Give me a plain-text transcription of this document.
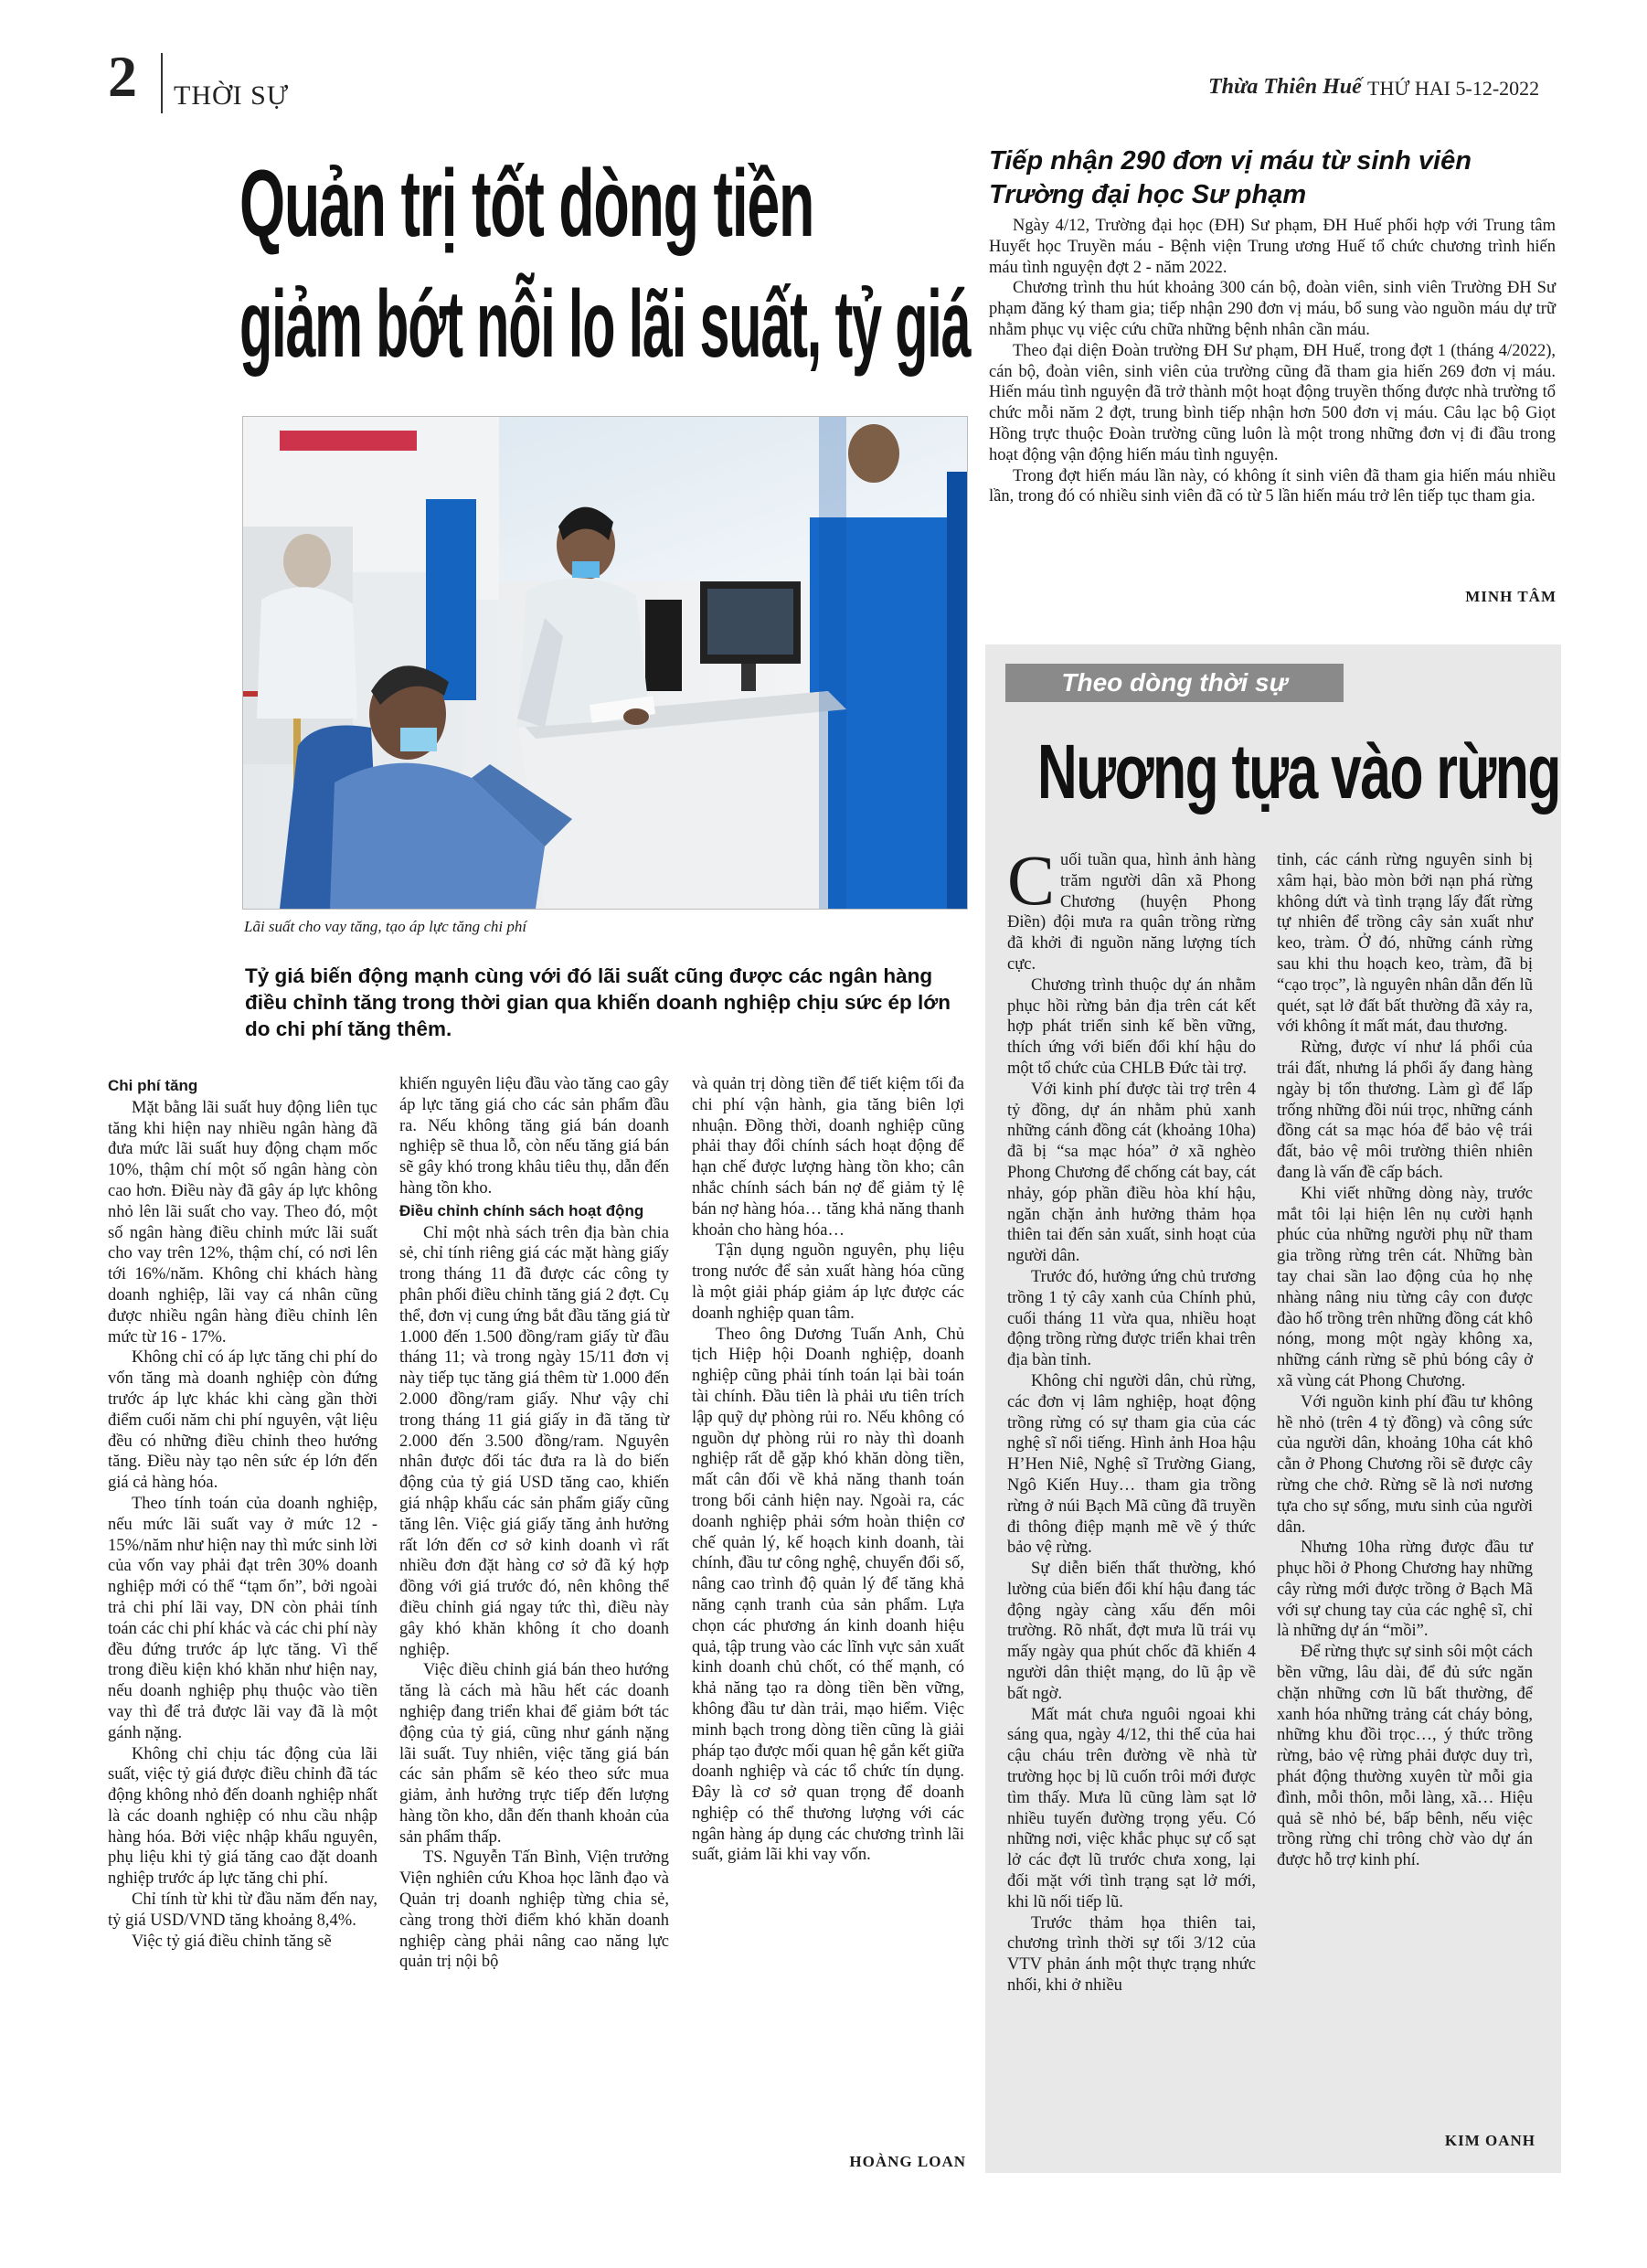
2 THỜI SỰ	Thừa Thiên Huế THỨ HAI 5-12-2022
Quản trị tốt dòng tiền
giảm bớt nỗi lo lãi suất, tỷ giá
Lãi suất cho vay tăng, tạo áp lực tăng chi phí
Tỷ giá biến động mạnh cùng với đó lãi suất cũng được các ngân hàng điều chỉnh tăng trong thời gian qua khiến doanh nghiệp chịu sức ép lớn do chi phí tăng thêm.
Chi phí tăng

Mặt bằng lãi suất huy động liên tục tăng khi hiện nay nhiều ngân hàng đã đưa mức lãi suất huy động chạm mốc 10%, thậm chí một số ngân hàng còn cao hơn. Điều này đã gây áp lực không nhỏ lên lãi suất cho vay. Theo đó, một số ngân hàng điều chỉnh mức lãi suất cho vay trên 12%, thậm chí, có nơi lên tới 16%/năm. Không chỉ khách hàng doanh nghiệp, lãi vay cá nhân cũng được nhiều ngân hàng điều chỉnh lên mức từ 16 - 17%.

Không chỉ có áp lực tăng chi phí do vốn tăng mà doanh nghiệp còn đứng trước áp lực khác khi càng gần thời điểm cuối năm chi phí nguyên, vật liệu đều có những điều chỉnh theo hướng tăng. Điều này tạo nên sức ép lớn đến giá cả hàng hóa.

Theo tính toán của doanh nghiệp, nếu mức lãi suất vay ở mức 12 - 15%/năm như hiện nay thì mức sinh lời của vốn vay phải đạt trên 30% doanh nghiệp mới có thể “tạm ổn”, bởi ngoài trả chi phí lãi vay, DN còn phải tính toán các chi phí khác và các chi phí này đều đứng trước áp lực tăng. Vì thế trong điều kiện khó khăn như hiện nay, nếu doanh nghiệp phụ thuộc vào tiền vay thì để trả được lãi vay đã là một gánh nặng.

Không chỉ chịu tác động của lãi suất, việc tỷ giá được điều chỉnh đã tác động không nhỏ đến doanh nghiệp nhất là các doanh nghiệp có nhu cầu nhập hàng hóa. Bởi việc nhập khẩu nguyên, phụ liệu khi tỷ giá tăng cao đặt doanh nghiệp trước áp lực tăng chi phí.

Chỉ tính từ khi từ đầu năm đến nay, tỷ giá USD/VND tăng khoảng 8,4%.

Việc tỷ giá điều chỉnh tăng sẽ

khiến nguyên liệu đầu vào tăng cao gây áp lực tăng giá cho các sản phẩm đầu ra. Nếu không tăng giá bán doanh nghiệp sẽ thua lỗ, còn nếu tăng giá bán sẽ gây khó trong khâu tiêu thụ, dẫn đến hàng tồn kho.

Điều chỉnh chính sách hoạt động

Chỉ một nhà sách trên địa bàn chia sẻ, chỉ tính riêng giá các mặt hàng giấy trong tháng 11 đã được các công ty phân phối điều chỉnh tăng giá 2 đợt. Cụ thể, đơn vị cung ứng bắt đầu tăng giá từ 1.000 đến 1.500 đồng/ram giấy từ đầu tháng 11; và trong ngày 15/11 đơn vị này tiếp tục tăng giá thêm từ 1.000 đến 2.000 đồng/ram giấy. Như vậy chỉ trong tháng 11 giá giấy in đã tăng từ 2.000 đến 3.500 đồng/ram. Nguyên nhân được đối tác đưa ra là do biến động của tỷ giá USD tăng cao, khiến giá nhập khẩu các sản phẩm giấy cũng tăng lên. Việc giá giấy tăng ảnh hưởng rất lớn đến cơ sở kinh doanh vì rất nhiều đơn đặt hàng cơ sở đã ký hợp đồng với giá trước đó, nên không thể điều chỉnh giá ngay tức thì, điều này gây khó khăn không ít cho doanh nghiệp.

Việc điều chỉnh giá bán theo hướng tăng là cách mà hầu hết các doanh nghiệp đang triển khai để giảm bớt tác động của tỷ giá, cũng như gánh nặng lãi suất. Tuy nhiên, việc tăng giá bán các sản phẩm sẽ kéo theo sức mua giảm, ảnh hưởng trực tiếp đến lượng hàng tồn kho, dẫn đến thanh khoản của sản phẩm thấp.

TS. Nguyễn Tấn Bình, Viện trưởng Viện nghiên cứu Khoa học lãnh đạo và Quản trị doanh nghiệp từng chia sẻ, càng trong thời điểm khó khăn doanh nghiệp càng phải nâng cao năng lực quản trị nội bộ

và quản trị dòng tiền để tiết kiệm tối đa chi phí vận hành, gia tăng biên lợi nhuận. Đồng thời, doanh nghiệp cũng phải thay đổi chính sách hoạt động để hạn chế được lượng hàng tồn kho; cân nhắc chính sách bán nợ để giảm tỷ lệ bán nợ hàng hóa… tăng khả năng thanh khoản cho hàng hóa…

Tận dụng nguồn nguyên, phụ liệu trong nước để sản xuất hàng hóa cũng là một giải pháp giảm áp lực được các doanh nghiệp quan tâm.

Theo ông Dương Tuấn Anh, Chủ tịch Hiệp hội Doanh nghiệp, doanh nghiệp cũng phải tính toán lại bài toán tài chính. Đầu tiên là phải ưu tiên trích lập quỹ dự phòng rủi ro. Nếu không có nguồn dự phòng rủi ro này thì doanh nghiệp rất dễ gặp khó khăn dòng tiền, mất cân đối về khả năng thanh toán trong bối cảnh hiện nay. Ngoài ra, các doanh nghiệp phải sớm hoàn thiện cơ chế quản lý, kế hoạch kinh doanh, tài chính, đầu tư công nghệ, chuyển đổi số, nâng cao trình độ quản lý để tăng khả năng cạnh tranh của sản phẩm. Lựa chọn các phương án kinh doanh hiệu quả, tập trung vào các lĩnh vực sản xuất kinh doanh chủ chốt, có thế mạnh, có khả năng tạo ra dòng tiền bền vững, không đầu tư dàn trải, mạo hiểm. Việc minh bạch trong dòng tiền cũng là giải pháp tạo được mối quan hệ gắn kết giữa doanh nghiệp và các tổ chức tín dụng. Đây là cơ sở quan trọng để doanh nghiệp có thể thương lượng với các ngân hàng áp dụng các chương trình lãi suất, giảm lãi khi vay vốn.

HOÀNG LOAN
Tiếp nhận 290 đơn vị máu từ sinh viên
Trường đại học Sư phạm

Ngày 4/12, Trường đại học (ĐH) Sư phạm, ĐH Huế phối hợp với Trung tâm Huyết học Truyền máu - Bệnh viện Trung ương Huế tổ chức chương trình hiến máu tình nguyện đợt 2 - năm 2022.

Chương trình thu hút khoảng 300 cán bộ, đoàn viên, sinh viên Trường ĐH Sư phạm đăng ký tham gia; tiếp nhận 290 đơn vị máu, bổ sung vào nguồn máu dự trữ nhằm phục vụ việc cứu chữa những bệnh nhân cần máu.

Theo đại diện Đoàn trường ĐH Sư phạm, ĐH Huế, trong đợt 1 (tháng 4/2022), cán bộ, đoàn viên, sinh viên của trường cũng đã tham gia hiến 269 đơn vị máu. Hiến máu tình nguyện đã trở thành một hoạt động truyền thống được nhà trường tổ chức mỗi năm 2 đợt, trung bình tiếp nhận hơn 500 đơn vị máu. Câu lạc bộ Giọt Hồng trực thuộc Đoàn trường cũng luôn là một trong những đơn vị đi đầu trong hoạt động vận động hiến máu tình nguyện.

Trong đợt hiến máu lần này, có không ít sinh viên đã tham gia hiến máu nhiều lần, trong đó có nhiều sinh viên đã có từ 5 lần hiến máu trở lên tiếp tục tham gia.

MINH TÂM
Theo dòng thời sự
Nương tựa vào rừng

Cuối tuần qua, hình ảnh hàng trăm người dân xã Phong Chương (huyện Phong Điền) đội mưa ra quân trồng rừng đã khởi đi nguồn năng lượng tích cực.

Chương trình thuộc dự án nhằm phục hồi rừng bản địa trên cát kết hợp phát triển sinh kế bền vững, thích ứng với biến đổi khí hậu do một tổ chức của CHLB Đức tài trợ.

Với kinh phí được tài trợ trên 4 tỷ đồng, dự án nhằm phủ xanh những cánh đồng cát (khoảng 10ha) đã bị “sa mạc hóa” ở xã nghèo Phong Chương để chống cát bay, cát nhảy, góp phần điều hòa khí hậu, ngăn chặn ảnh hưởng thảm họa thiên tai đến sản xuất, sinh hoạt của người dân.

Trước đó, hưởng ứng chủ trương trồng 1 tỷ cây xanh của Chính phủ, cuối tháng 11 vừa qua, nhiều hoạt động trồng rừng được triển khai trên địa bàn tỉnh.

Không chỉ người dân, chủ rừng, các đơn vị lâm nghiệp, hoạt động trồng rừng có sự tham gia của các nghệ sĩ nổi tiếng. Hình ảnh Hoa hậu H’Hen Niê, Nghệ sĩ Trường Giang, Ngô Kiến Huy… tham gia trồng rừng ở núi Bạch Mã cũng đã truyền đi thông điệp mạnh mẽ về ý thức bảo vệ rừng.

Sự diễn biến thất thường, khó lường của biến đổi khí hậu đang tác động ngày càng xấu đến môi trường. Rõ nhất, đợt mưa lũ trái vụ mấy ngày qua phút chốc đã khiến 4 người dân thiệt mạng, do lũ ập về bất ngờ.

Mất mát chưa nguôi ngoai khi sáng qua, ngày 4/12, thi thể của hai cậu cháu trên đường về nhà từ trường học bị lũ cuốn trôi mới được tìm thấy. Mưa lũ cũng làm sạt lở nhiều tuyến đường trọng yếu. Có những nơi, việc khắc phục sự cố sạt lở các đợt lũ trước chưa xong, lại đối mặt với tình trạng sạt lở mới, khi lũ nối tiếp lũ.

Trước thảm họa thiên tai, chương trình thời sự tối 3/12 của VTV phản ánh một thực trạng nhức nhối, khi ở nhiều

tỉnh, các cánh rừng nguyên sinh bị xâm hại, bào mòn bởi nạn phá rừng không dứt và tình trạng lấy đất rừng tự nhiên để trồng cây sản xuất như keo, tràm. Ở đó, những cánh rừng sau khi thu hoạch keo, tràm, đã bị “cạo trọc”, là nguyên nhân dẫn đến lũ quét, sạt lở đất bất thường đã xảy ra, với không ít mất mát, đau thương.

Rừng, được ví như lá phổi của trái đất, nhưng lá phổi ấy đang hàng ngày bị tổn thương. Làm gì để lấp trống những đồi núi trọc, những cánh đồng cát sa mạc hóa để bảo vệ trái đất, bảo vệ môi trường thiên nhiên đang là vấn đề cấp bách.

Khi viết những dòng này, trước mắt tôi lại hiện lên nụ cười hạnh phúc của những người phụ nữ tham gia trồng rừng trên cát. Những bàn tay chai sần lao động của họ nhẹ nhàng nâng niu từng cây con được đào hố trồng trên những đồng cát khô nóng, mong một ngày không xa, những cánh rừng sẽ phủ bóng cây ở xã vùng cát Phong Chương.

Với nguồn kinh phí đầu tư không hề nhỏ (trên 4 tỷ đồng) và công sức của người dân, khoảng 10ha cát khô cằn ở Phong Chương rồi sẽ được cây rừng che chở. Rừng sẽ là nơi nương tựa cho sự sống, mưu sinh của người dân.

Nhưng 10ha rừng được đầu tư phục hồi ở Phong Chương hay những cây rừng mới được trồng ở Bạch Mã với sự chung tay của các nghệ sĩ, chỉ là những dự án “mồi”.

Để rừng thực sự sinh sôi một cách bền vững, lâu dài, để đủ sức ngăn chặn những cơn lũ bất thường, để xanh hóa những trảng cát cháy bỏng, những khu đồi trọc…, ý thức trồng rừng, bảo vệ rừng phải được duy trì, phát động thường xuyên từ mỗi gia đình, mỗi thôn, mỗi làng, xã… Hiệu quả sẽ nhỏ bé, bấp bênh, nếu việc trồng rừng chỉ trông chờ vào dự án được hỗ trợ kinh phí.

KIM OANH
